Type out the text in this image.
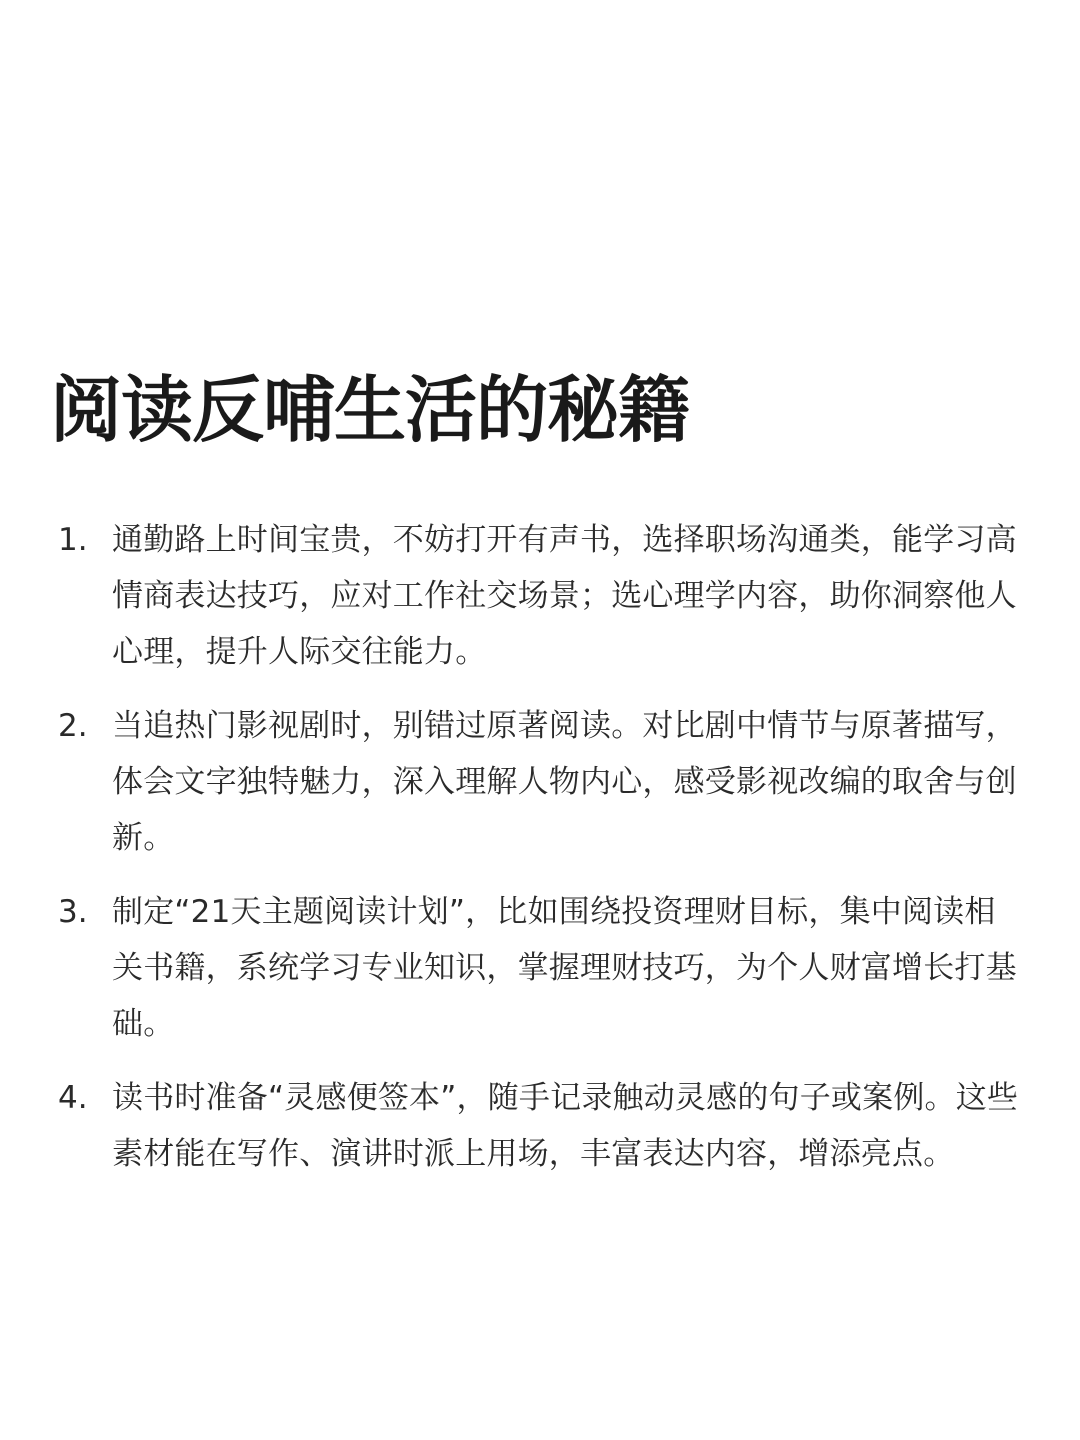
阅读反哺生活的秘籍
1. 通勤路上时间宝贵，不妨打开有声书，选择职场沟通类，能学习高情商表达技巧，应对工作社交场景；选心理学内容，助你洞察他人心理，提升人际交往能力。
2. 当追热门影视剧时，别错过原著阅读。对比剧中情节与原著描写，体会文字独特魅力，深入理解人物内心，感受影视改编的取舍与创新。
3. 制定“21天主题阅读计划”，比如围绕投资理财目标，集中阅读相关书籍，系统学习专业知识，掌握理财技巧，为个人财富增长打基础。
4. 读书时准备“灵感便签本”，随手记录触动灵感的句子或案例。这些素材能在写作、演讲时派上用场，丰富表达内容，增添亮点。
